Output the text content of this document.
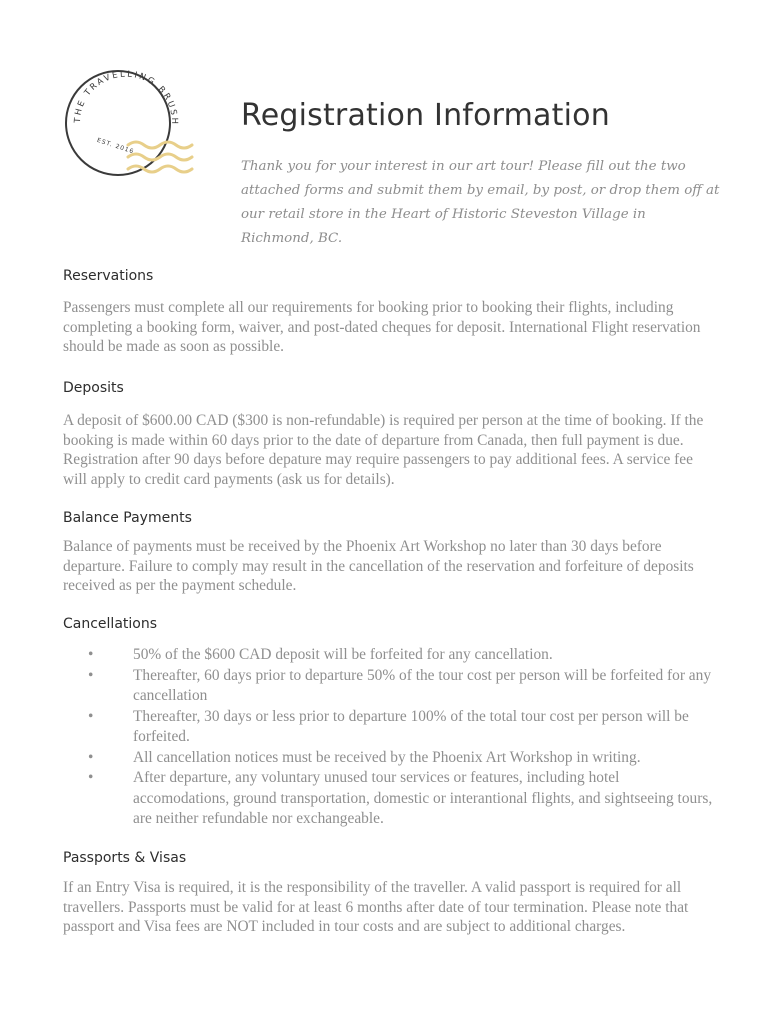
THE TRAVELLING BRUSH
EST. 2016
Registration Information

Thank you for your interest in our art tour! Please fill out the two attached forms and submit them by email, by post, or drop them off at our retail store in the Heart of Historic Steveston Village in Richmond, BC.

Reservations

Passengers must complete all our requirements for booking prior to booking their flights, including completing a booking form, waiver, and post-dated cheques for deposit. International Flight reservation should be made as soon as possible.

Deposits

A deposit of $600.00 CAD ($300 is non-refundable) is required per person at the time of booking. If the booking is made within 60 days prior to the date of departure from Canada, then full payment is due. Registration after 90 days before depature may require passengers to pay additional fees. A service fee will apply to credit card payments (ask us for details).

Balance Payments

Balance of payments must be received by the Phoenix Art Workshop no later than 30 days before departure. Failure to comply may result in the cancellation of the reservation and forfeiture of deposits received as per the payment schedule.

Cancellations
•	50% of the $600 CAD deposit will be forfeited for any cancellation.
•	Thereafter, 60 days prior to departure 50% of the tour cost per person will be forfeited for any cancellation
•	Thereafter, 30 days or less prior to departure 100% of the total tour cost per person will be forfeited.
•	All cancellation notices must be received by the Phoenix Art Workshop in writing.
•	After departure, any voluntary unused tour services or features, including hotel accomodations, ground transportation, domestic or interantional flights, and sightseeing tours, are neither refundable nor exchangeable.
Passports & Visas

If an Entry Visa is required, it is the responsibility of the traveller. A valid passport is required for all travellers. Passports must be valid for at least 6 months after date of tour termination. Please note that passport and Visa fees are NOT included in tour costs and are subject to additional charges.
